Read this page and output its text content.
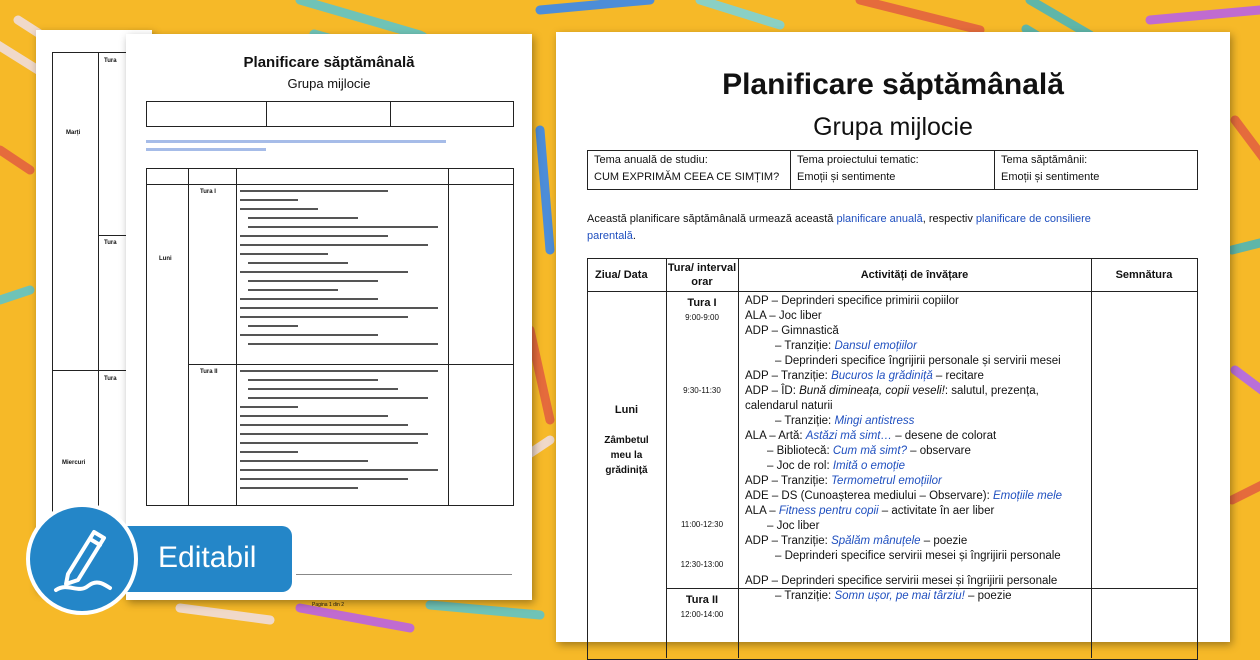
Marți
Miercuri
Tura
Tura
Tura
Planificare săptămânală
Grupa mijlocie
Luni
Tura I
Tura II
Pagina 1 din 2
Planificare săptămânală
Grupa mijlocie
Tema anuală de studiu:
CUM EXPRIMĂM CEEA CE SIMȚIM?
Tema proiectului tematic:
Emoții și sentimente
Tema săptămânii:
Emoții și sentimente
Această planificare săptămânală urmează această planificare anuală, respectiv planificare de consiliere
parentală.
Ziua/ Data
Tura/ interval orar
Activități de învățare	Semnătura
Luni
Zâmbetul
meu la
grădiniță
Tura I
9:00-9:00
9:30-11:30
11:00-12:30
12:30-13:00
Tura II
12:00-14:00
ADP – Deprinderi specifice primirii copiilor
ALA – Joc liber
ADP – Gimnastică
– Tranziție: Dansul emoțiilor
– Deprinderi specifice îngrijirii personale și servirii mesei
ADP – Tranziție: Bucuros la grădiniță – recitare
ADP – ÎD: Bună dimineața, copii veseli!: salutul, prezența,
calendarul naturii
– Tranziție: Mingi antistress
ALA – Artă: Astăzi mă simt… – desene de colorat
– Bibliotecă: Cum mă simt? – observare
– Joc de rol: Imită o emoție
ADP – Tranziție: Termometrul emoțiilor
ADE – DS (Cunoașterea mediului – Observare): Emoțiile mele
ALA – Fitness pentru copii – activitate în aer liber
– Joc liber
ADP – Tranziție: Spălăm mânuțele – poezie
– Deprinderi specifice servirii mesei și îngrijirii personale
ADP – Deprinderi specifice servirii mesei și îngrijirii personale
– Tranziție: Somn ușor, pe mai târziu! – poezie
Editabil
